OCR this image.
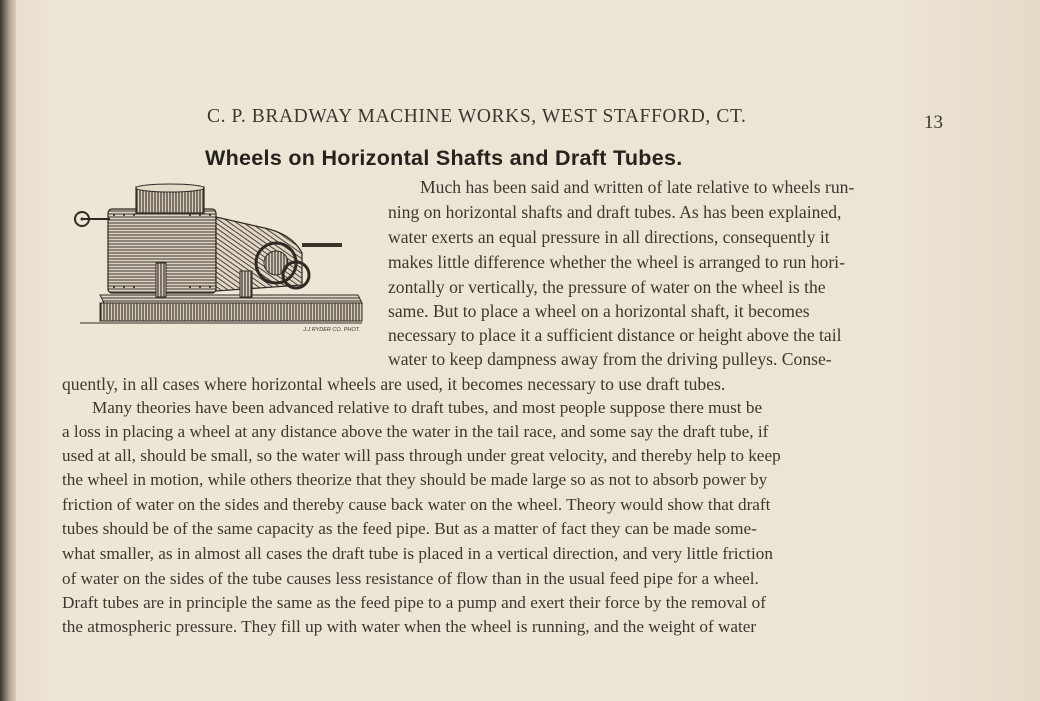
C. P. BRADWAY MACHINE WORKS, WEST STAFFORD, CT.	13
Wheels on Horizontal Shafts and Draft Tubes.
J.J.RYDER CO. PHOT.
Much has been said and written of late relative to wheels run-
ning on horizontal shafts and draft tubes. As has been explained,
water exerts an equal pressure in all directions, consequently it
makes little difference whether the wheel is arranged to run hori-
zontally or vertically, the pressure of water on the wheel is the
same. But to place a wheel on a horizontal shaft, it becomes
necessary to place it a sufficient distance or height above the tail
water to keep dampness away from the driving pulleys. Conse-
quently, in all cases where horizontal wheels are used, it becomes necessary to use draft tubes.
Many theories have been advanced relative to draft tubes, and most people suppose there must be
a loss in placing a wheel at any distance above the water in the tail race, and some say the draft tube, if
used at all, should be small, so the water will pass through under great velocity, and thereby help to keep
the wheel in motion, while others theorize that they should be made large so as not to absorb power by
friction of water on the sides and thereby cause back water on the wheel. Theory would show that draft
tubes should be of the same capacity as the feed pipe. But as a matter of fact they can be made some-
what smaller, as in almost all cases the draft tube is placed in a vertical direction, and very little friction
of water on the sides of the tube causes less resistance of flow than in the usual feed pipe for a wheel.
Draft tubes are in principle the same as the feed pipe to a pump and exert their force by the removal of
the atmospheric pressure. They fill up with water when the wheel is running, and the weight of water
